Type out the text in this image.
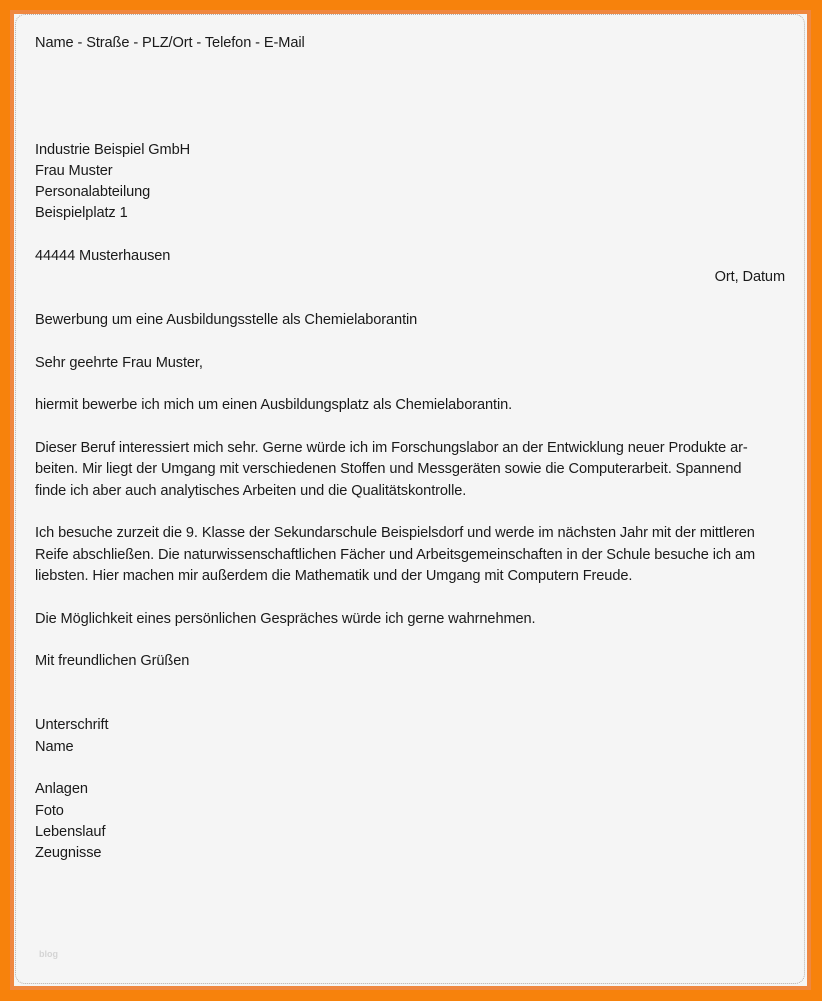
Name - Straße - PLZ/Ort - Telefon - E-Mail
Industrie Beispiel GmbH
Frau Muster
Personalabteilung
Beispielplatz 1
44444 Musterhausen
Ort, Datum
Bewerbung um eine Ausbildungsstelle als Chemielaborantin
Sehr geehrte Frau Muster,
hiermit bewerbe ich mich um einen Ausbildungsplatz als Chemielaborantin.
Dieser Beruf interessiert mich sehr. Gerne würde ich im Forschungslabor an der Entwicklung neuer Produkte ar-
beiten. Mir liegt der Umgang mit verschiedenen Stoffen und Messgeräten sowie die Computerarbeit. Spannend
finde ich aber auch analytisches Arbeiten und die Qualitätskontrolle.
Ich besuche zurzeit die 9. Klasse der Sekundarschule Beispielsdorf und werde im nächsten Jahr mit der mittleren
Reife abschließen. Die naturwissenschaftlichen Fächer und Arbeitsgemeinschaften in der Schule besuche ich am
liebsten. Hier machen mir außerdem die Mathematik und der Umgang mit Computern Freude.
Die Möglichkeit eines persönlichen Gespräches würde ich gerne wahrnehmen.
Mit freundlichen Grüßen
Unterschrift
Name
Anlagen
Foto
Lebenslauf
Zeugnisse
blog
